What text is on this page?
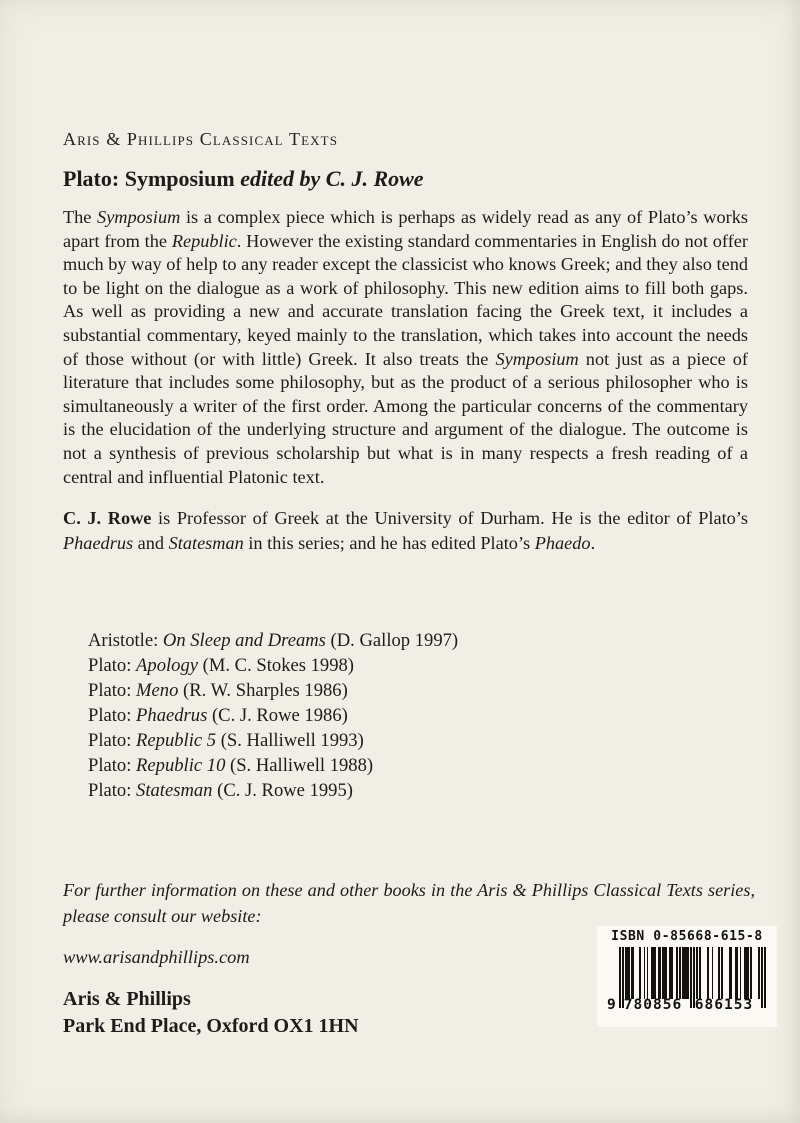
Aris & Phillips Classical Texts
Plato: Symposium edited by C. J. Rowe

The Symposium is a complex piece which is perhaps as widely read as any of Plato’s works apart from the Republic. However the existing standard commentaries in English do not offer much by way of help to any reader except the classicist who knows Greek; and they also tend to be light on the dialogue as a work of philosophy. This new edition aims to fill both gaps. As well as providing a new and accurate translation facing the Greek text, it includes a substantial commentary, keyed mainly to the translation, which takes into account the needs of those without (or with little) Greek. It also treats the Symposium not just as a piece of literature that includes some philosophy, but as the product of a serious philosopher who is simultaneously a writer of the first order. Among the particular concerns of the commentary is the elucidation of the underlying structure and argument of the dialogue. The outcome is not a synthesis of previous scholarship but what is in many respects a fresh reading of a central and influential Platonic text.

C. J. Rowe is Professor of Greek at the University of Durham. He is the editor of Plato’s Phaedrus and Statesman in this series; and he has edited Plato’s Phaedo.

Aristotle: On Sleep and Dreams (D. Gallop 1997)
Plato: Apology (M. C. Stokes 1998)
Plato: Meno (R. W. Sharples 1986)
Plato: Phaedrus (C. J. Rowe 1986)
Plato: Republic 5 (S. Halliwell 1993)
Plato: Republic 10 (S. Halliwell 1988)
Plato: Statesman (C. J. Rowe 1995)
For further information on these and other books in the Aris & Phillips Classical Texts series, please consult our website:
www.arisandphillips.com
Aris & Phillips
Park End Place, Oxford OX1 1HN
ISBN 0-85668-615-8
9 780856 686153
